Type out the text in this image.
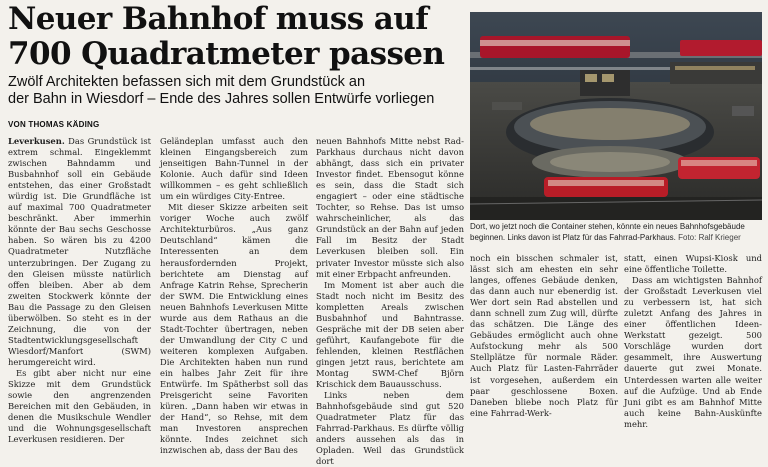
Neuer Bahnhof muss auf
700 Quadratmeter passen

Zwölf Architekten befassen sich mit dem Grundstück an
der Bahn in Wiesdorf – Ende des Jahres sollen Entwürfe vorliegen

VON THOMAS KÄDING

Leverkusen. Das Grundstück ist extrem schmal. Eingeklemmt zwischen Bahndamm und Busbahnhof soll ein Gebäude entstehen, das einer Großstadt würdig ist. Die Grundfläche ist auf maximal 700 Quadratmeter beschränkt. Aber immerhin könnte der Bau sechs Geschosse haben. So wären bis zu 4200 Quadratmeter Nutzfläche unterzubringen. Der Zugang zu den Gleisen müsste natürlich offen bleiben. Aber ab dem zweiten Stockwerk könnte der Bau die Passage zu den Gleisen überwölben. So steht es in der Zeichnung, die von der Stadtentwicklungsgesellschaft Wiesdorf/Manfort (SWM) herumgereicht wird.

Es gibt aber nicht nur eine Skizze mit dem Grundstück sowie den angrenzenden Bereichen mit den Gebäuden, in denen die Musikschule Wendler und die Wohnungsgesellschaft Leverkusen residieren. Der

Geländeplan umfasst auch den kleinen Eingangsbereich zum jenseitigen Bahn-Tunnel in der Kolonie. Auch dafür sind Ideen willkommen – es geht schließlich um ein würdiges City-Entree.

Mit dieser Skizze arbeiten seit voriger Woche auch zwölf Architekturbüros. „Aus ganz Deutschland“ kämen die Interessenten an dem herausfordernden Projekt, berichtete am Dienstag auf Anfrage Katrin Rehse, Sprecherin der SWM. Die Entwicklung eines neuen Bahnhofs Leverkusen Mitte wurde aus dem Rathaus an die Stadt-Tochter übertragen, neben der Umwandlung der City C und weiteren komplexen Aufgaben. Die Architekten haben nun rund ein halbes Jahr Zeit für ihre Entwürfe. Im Spätherbst soll das Preisgericht seine Favoriten küren. „Dann haben wir etwas in der Hand“, so Rehse, mit dem man Investoren ansprechen könnte. Indes zeichnet sich inzwischen ab, dass der Bau des

neuen Bahnhofs Mitte nebst Rad-Parkhaus durchaus nicht davon abhängt, dass sich ein privater Investor findet. Ebensogut könne es sein, dass die Stadt sich engagiert – oder eine städtische Tochter, so Rehse. Das ist umso wahrscheinlicher, als das Grundstück an der Bahn auf jeden Fall im Besitz der Stadt Leverkusen bleiben soll. Ein privater Investor müsste sich also mit einer Erbpacht anfreunden.

Im Moment ist aber auch die Stadt noch nicht im Besitz des kompletten Areals zwischen Busbahnhof und Bahntrasse. Gespräche mit der DB seien aber geführt, Kaufangebote für die fehlenden, kleinen Restflächen gingen jetzt raus, berichtete am Montag SWM-Chef Björn Krischick dem Bauausschuss.

Links neben dem Bahnhofsgebäude sind gut 520 Quadratmeter Platz für das Fahrrad-Parkhaus. Es dürfte völlig anders aussehen als das in Opladen. Weil das Grundstück dort

Dort, wo jetzt noch die Container stehen, könnte ein neues Bahnhofsgebäude beginnen. Links davon ist Platz für das Fahrrad-Parkhaus. Foto: Ralf Krieger

noch ein bisschen schmaler ist, lässt sich am ehesten ein sehr langes, offenes Gebäude denken, das dann auch nur ebenerdig ist. Wer dort sein Rad abstellen und dann schnell zum Zug will, dürfte das schätzen. Die Länge des Gebäudes ermöglicht auch ohne Aufstockung mehr als 500 Stellplätze für normale Räder. Auch Platz für Lasten-Fahrräder ist vorgesehen, außerdem ein paar geschlossene Boxen. Daneben bliebe noch Platz für eine Fahrrad-Werk-

statt, einen Wupsi-Kiosk und eine öffentliche Toilette.

Dass am wichtigsten Bahnhof der Großstadt Leverkusen viel zu verbessern ist, hat sich zuletzt Anfang des Jahres in einer öffentlichen Ideen-Werkstatt gezeigt. 500 Vorschläge wurden dort gesammelt, ihre Auswertung dauerte gut zwei Monate. Unterdessen warten alle weiter auf die Aufzüge. Und ab Ende Juni gibt es am Bahnhof Mitte auch keine Bahn-Auskünfte mehr.
